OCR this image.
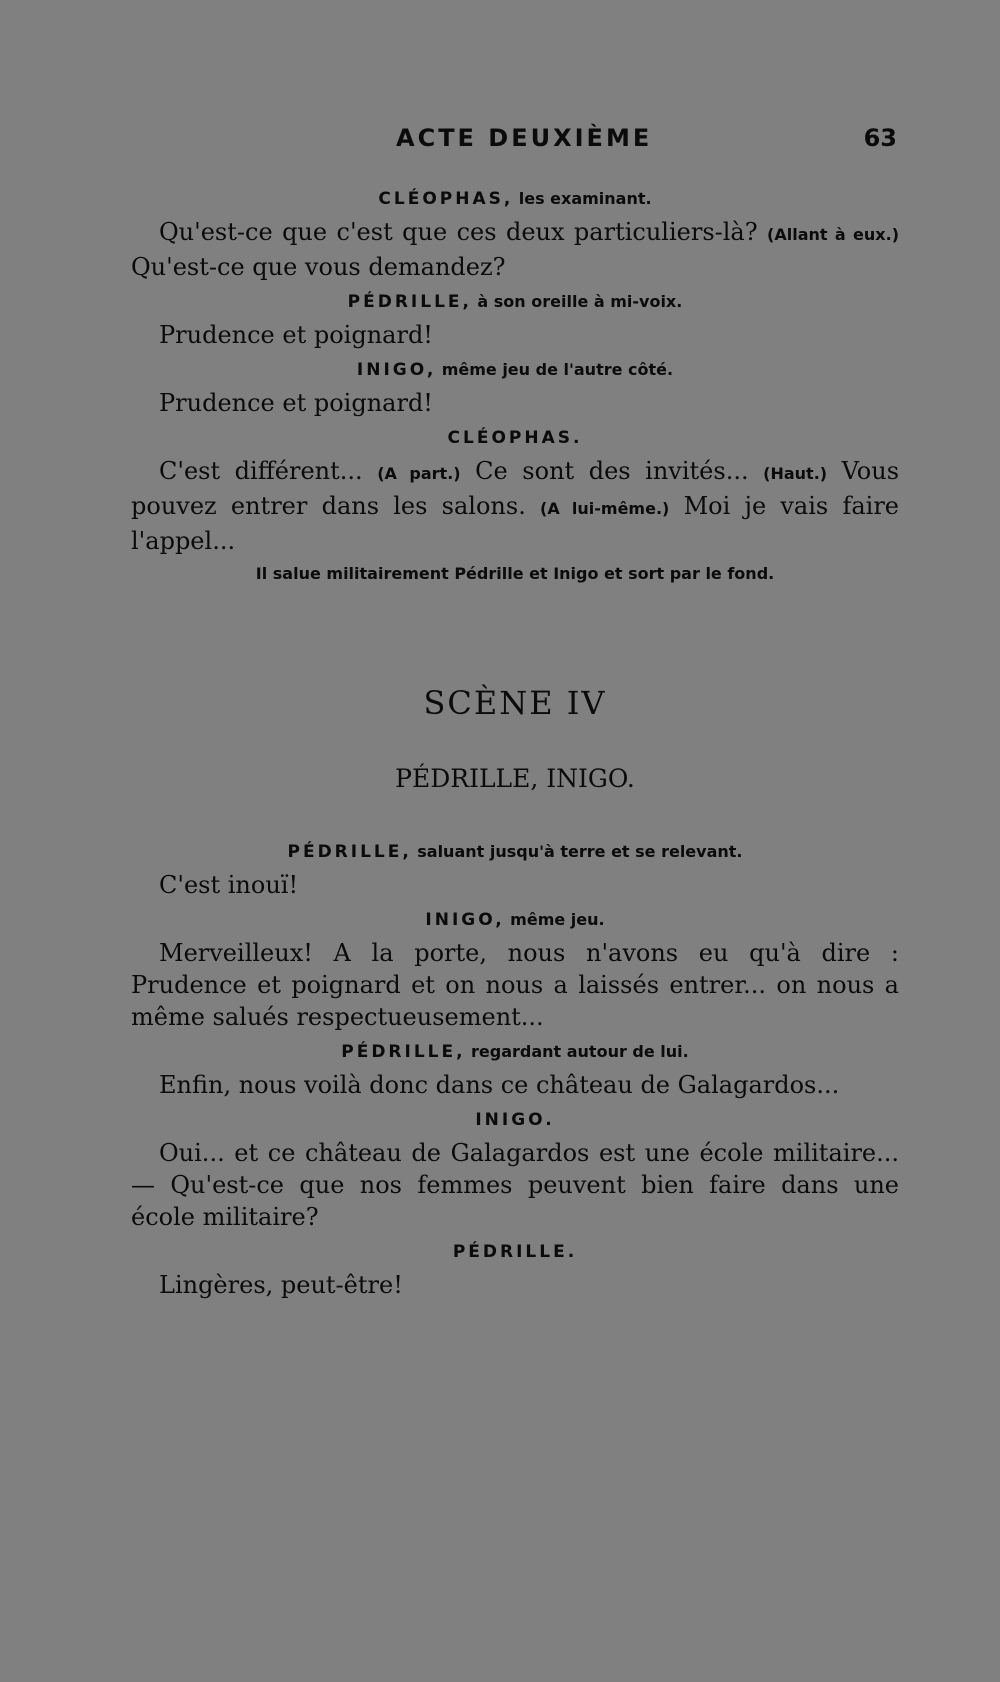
ACTE DEUXIÈME	63
CLÉOPHAS, les examinant.

Qu'est-ce que c'est que ces deux particuliers-là? (Allant à eux.) Qu'est-ce que vous demandez?

PÉDRILLE, à son oreille à mi-voix.

Prudence et poignard!

INIGO, même jeu de l'autre côté.

Prudence et poignard!

CLÉOPHAS.

C'est différent... (A part.) Ce sont des invités... (Haut.) Vous pouvez entrer dans les salons. (A lui-même.) Moi je vais faire l'appel...

Il salue militairement Pédrille et Inigo et sort par le fond.
SCÈNE IV
PÉDRILLE, INIGO.
PÉDRILLE, saluant jusqu'à terre et se relevant.

C'est inouï!

INIGO, même jeu.

Merveilleux! A la porte, nous n'avons eu qu'à dire : Prudence et poignard et on nous a laissés entrer... on nous a même salués respectueusement...

PÉDRILLE, regardant autour de lui.

Enfin, nous voilà donc dans ce château de Galagardos...

INIGO.

Oui... et ce château de Galagardos est une école militaire... — Qu'est-ce que nos femmes peuvent bien faire dans une école militaire?

PÉDRILLE.

Lingères, peut-être!
